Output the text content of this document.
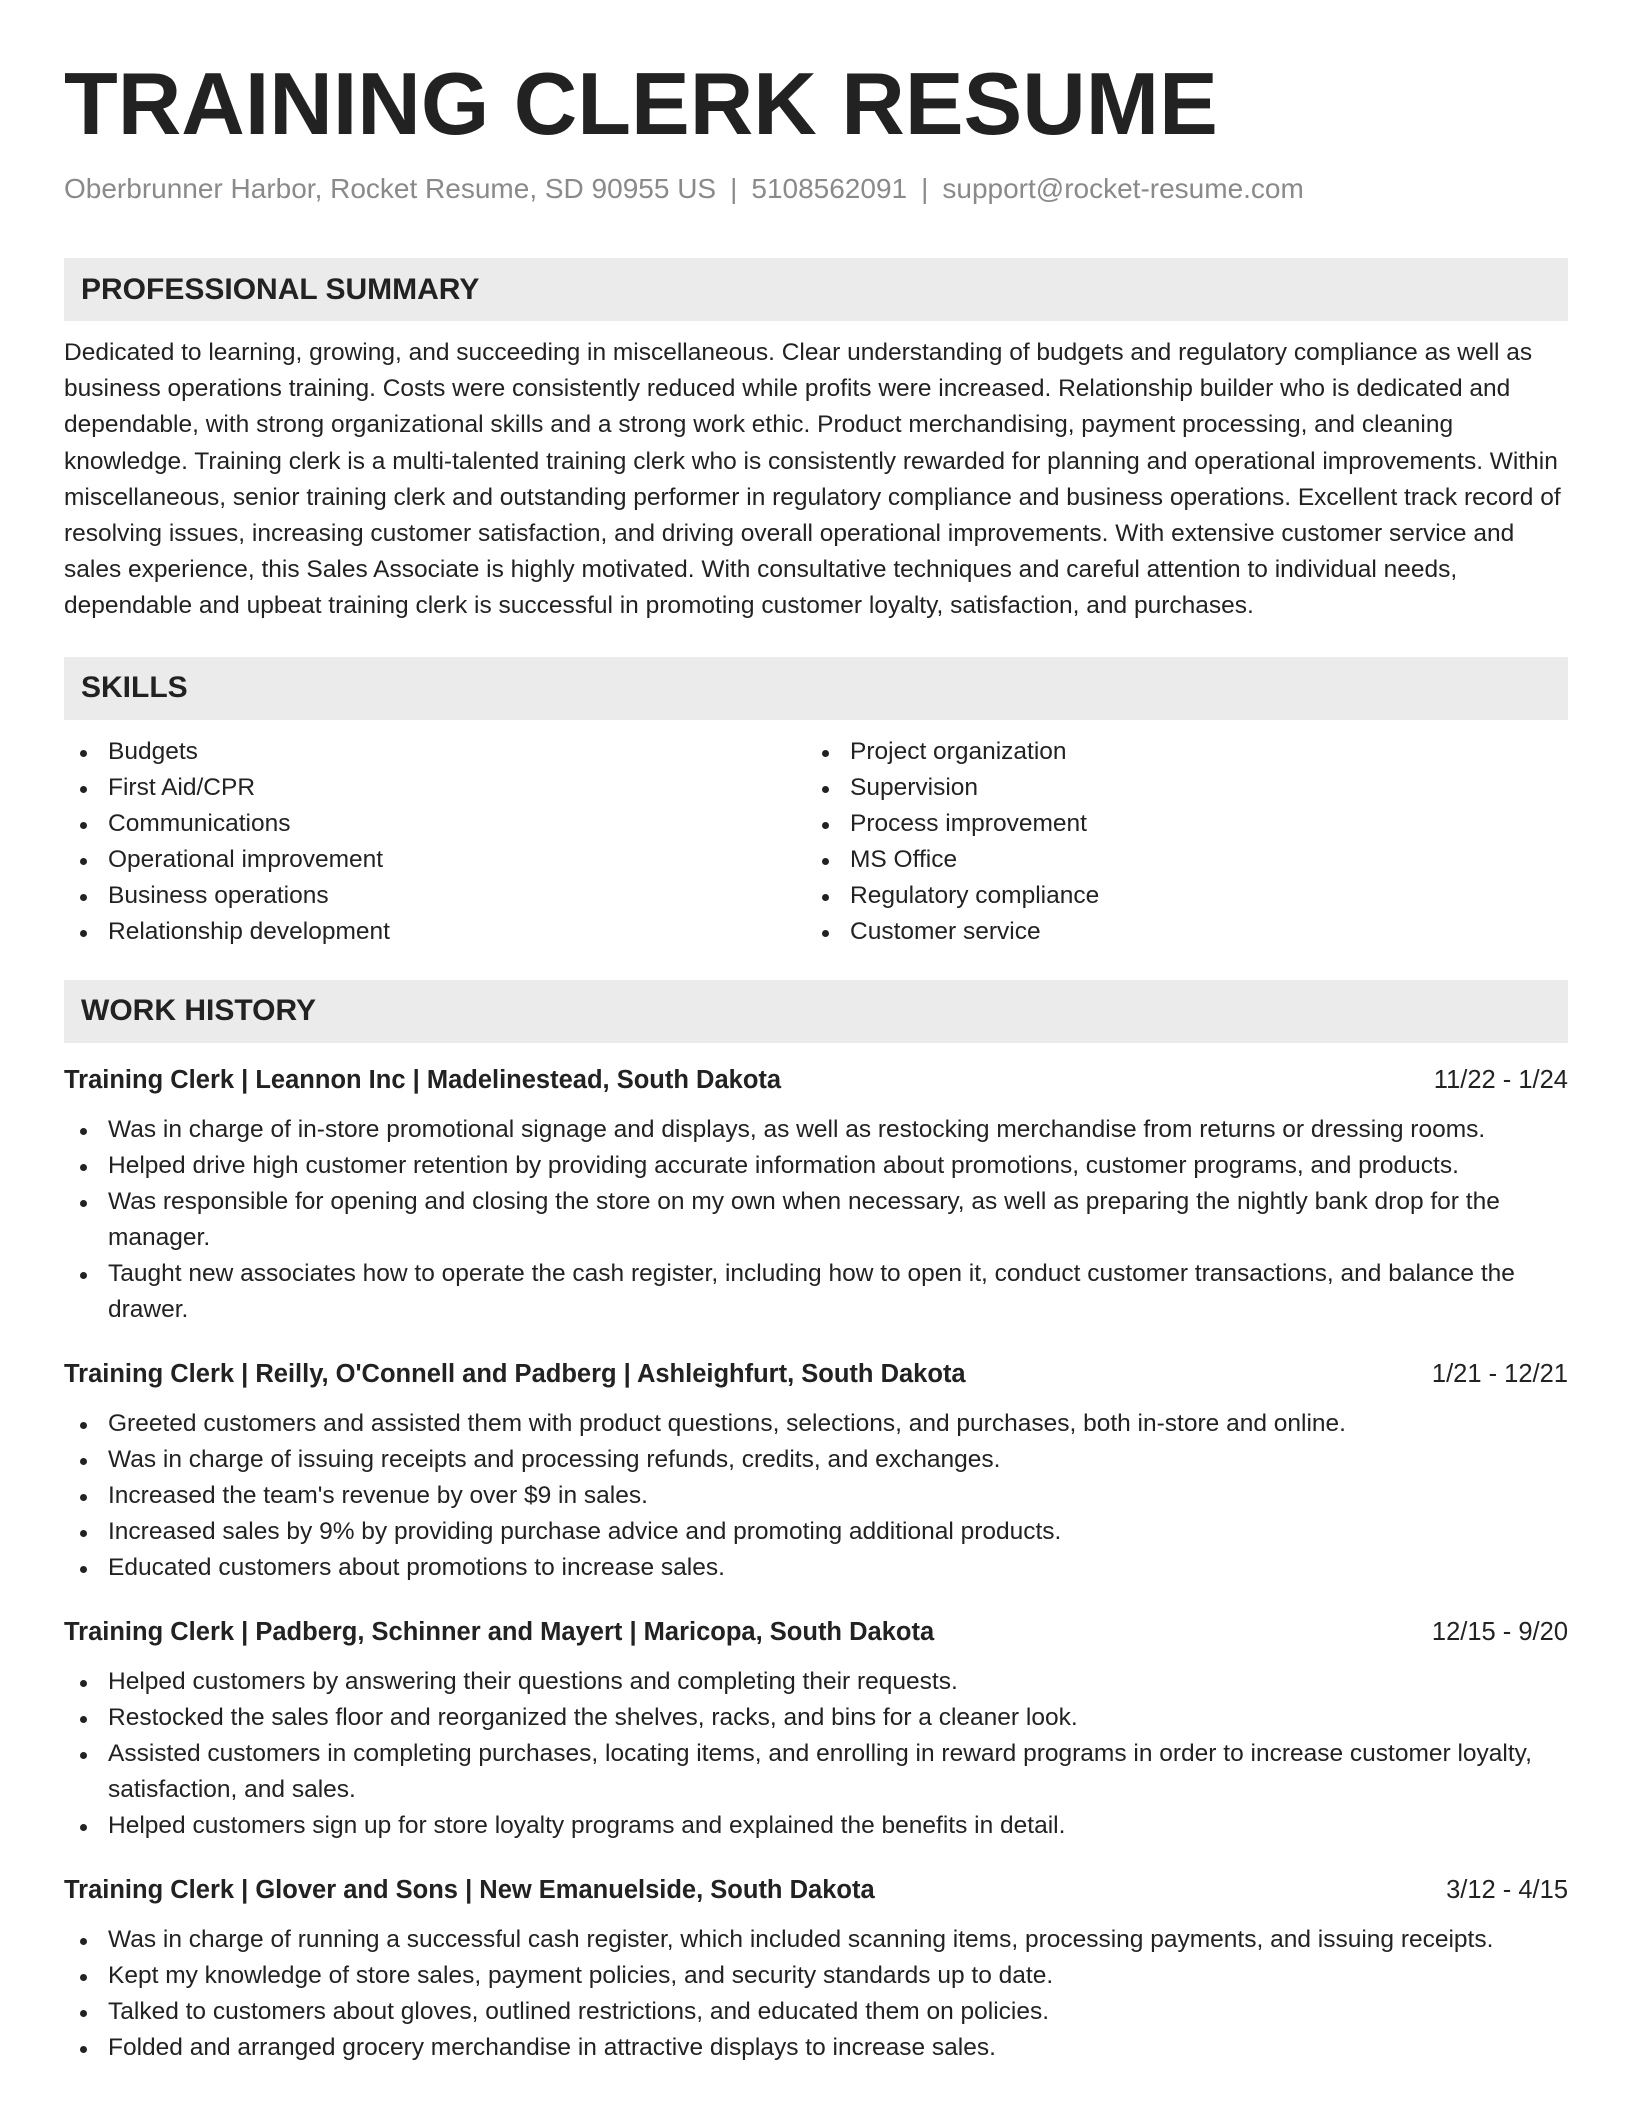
TRAINING CLERK RESUME
Oberbrunner Harbor, Rocket Resume, SD 90955 US | 5108562091 | support@rocket-resume.com
PROFESSIONAL SUMMARY
Dedicated to learning, growing, and succeeding in miscellaneous. Clear understanding of budgets and regulatory compliance as well as business operations training. Costs were consistently reduced while profits were increased. Relationship builder who is dedicated and dependable, with strong organizational skills and a strong work ethic. Product merchandising, payment processing, and cleaning knowledge. Training clerk is a multi-talented training clerk who is consistently rewarded for planning and operational improvements. Within miscellaneous, senior training clerk and outstanding performer in regulatory compliance and business operations. Excellent track record of resolving issues, increasing customer satisfaction, and driving overall operational improvements. With extensive customer service and sales experience, this Sales Associate is highly motivated. With consultative techniques and careful attention to individual needs, dependable and upbeat training clerk is successful in promoting customer loyalty, satisfaction, and purchases.
SKILLS
Budgets
First Aid/CPR
Communications
Operational improvement
Business operations
Relationship development
Project organization
Supervision
Process improvement
MS Office
Regulatory compliance
Customer service
WORK HISTORY
Training Clerk | Leannon Inc | Madelinestead, South Dakota	11/22 - 1/24
Was in charge of in-store promotional signage and displays, as well as restocking merchandise from returns or dressing rooms.
Helped drive high customer retention by providing accurate information about promotions, customer programs, and products.
Was responsible for opening and closing the store on my own when necessary, as well as preparing the nightly bank drop for the manager.
Taught new associates how to operate the cash register, including how to open it, conduct customer transactions, and balance the drawer.
Training Clerk | Reilly, O'Connell and Padberg | Ashleighfurt, South Dakota	1/21 - 12/21
Greeted customers and assisted them with product questions, selections, and purchases, both in-store and online.
Was in charge of issuing receipts and processing refunds, credits, and exchanges.
Increased the team's revenue by over $9 in sales.
Increased sales by 9% by providing purchase advice and promoting additional products.
Educated customers about promotions to increase sales.
Training Clerk | Padberg, Schinner and Mayert | Maricopa, South Dakota	12/15 - 9/20
Helped customers by answering their questions and completing their requests.
Restocked the sales floor and reorganized the shelves, racks, and bins for a cleaner look.
Assisted customers in completing purchases, locating items, and enrolling in reward programs in order to increase customer loyalty, satisfaction, and sales.
Helped customers sign up for store loyalty programs and explained the benefits in detail.
Training Clerk | Glover and Sons | New Emanuelside, South Dakota	3/12 - 4/15
Was in charge of running a successful cash register, which included scanning items, processing payments, and issuing receipts.
Kept my knowledge of store sales, payment policies, and security standards up to date.
Talked to customers about gloves, outlined restrictions, and educated them on policies.
Folded and arranged grocery merchandise in attractive displays to increase sales.
